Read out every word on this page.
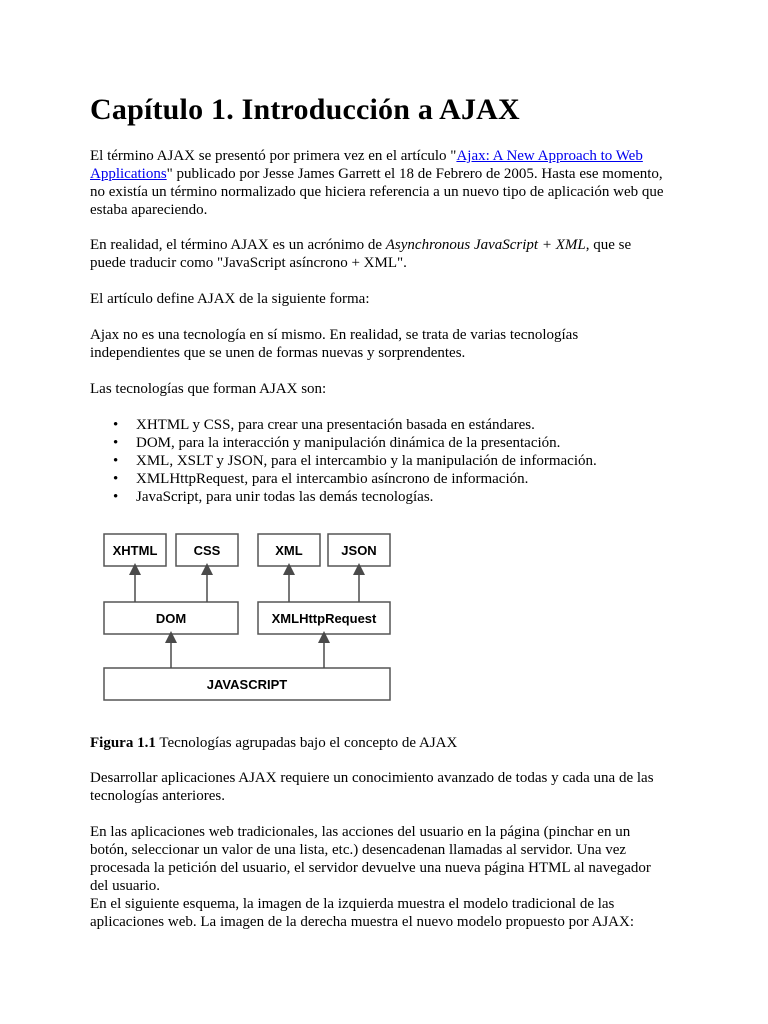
Capítulo 1. Introducción a AJAX

El término AJAX se presentó por primera vez en el artículo "Ajax: A New Approach to Web Applications" publicado por Jesse James Garrett el 18 de Febrero de 2005. Hasta ese momento, no existía un término normalizado que hiciera referencia a un nuevo tipo de aplicación web que estaba apareciendo.

En realidad, el término AJAX es un acrónimo de Asynchronous JavaScript + XML, que se puede traducir como "JavaScript asíncrono + XML".

El artículo define AJAX de la siguiente forma:

Ajax no es una tecnología en sí mismo. En realidad, se trata de varias tecnologías independientes que se unen de formas nuevas y sorprendentes.

Las tecnologías que forman AJAX son:

• XHTML y CSS, para crear una presentación basada en estándares.
• DOM, para la interacción y manipulación dinámica de la presentación.
• XML, XSLT y JSON, para el intercambio y la manipulación de información.
• XMLHttpRequest, para el intercambio asíncrono de información.
• JavaScript, para unir todas las demás tecnologías.
XHTML	CSS	XML	JSON
DOM	XMLHttpRequest
JAVASCRIPT

Figura 1.1 Tecnologías agrupadas bajo el concepto de AJAX

Desarrollar aplicaciones AJAX requiere un conocimiento avanzado de todas y cada una de las tecnologías anteriores.

En las aplicaciones web tradicionales, las acciones del usuario en la página (pinchar en un botón, seleccionar un valor de una lista, etc.) desencadenan llamadas al servidor. Una vez procesada la petición del usuario, el servidor devuelve una nueva página HTML al navegador del usuario.

En el siguiente esquema, la imagen de la izquierda muestra el modelo tradicional de las aplicaciones web. La imagen de la derecha muestra el nuevo modelo propuesto por AJAX:
